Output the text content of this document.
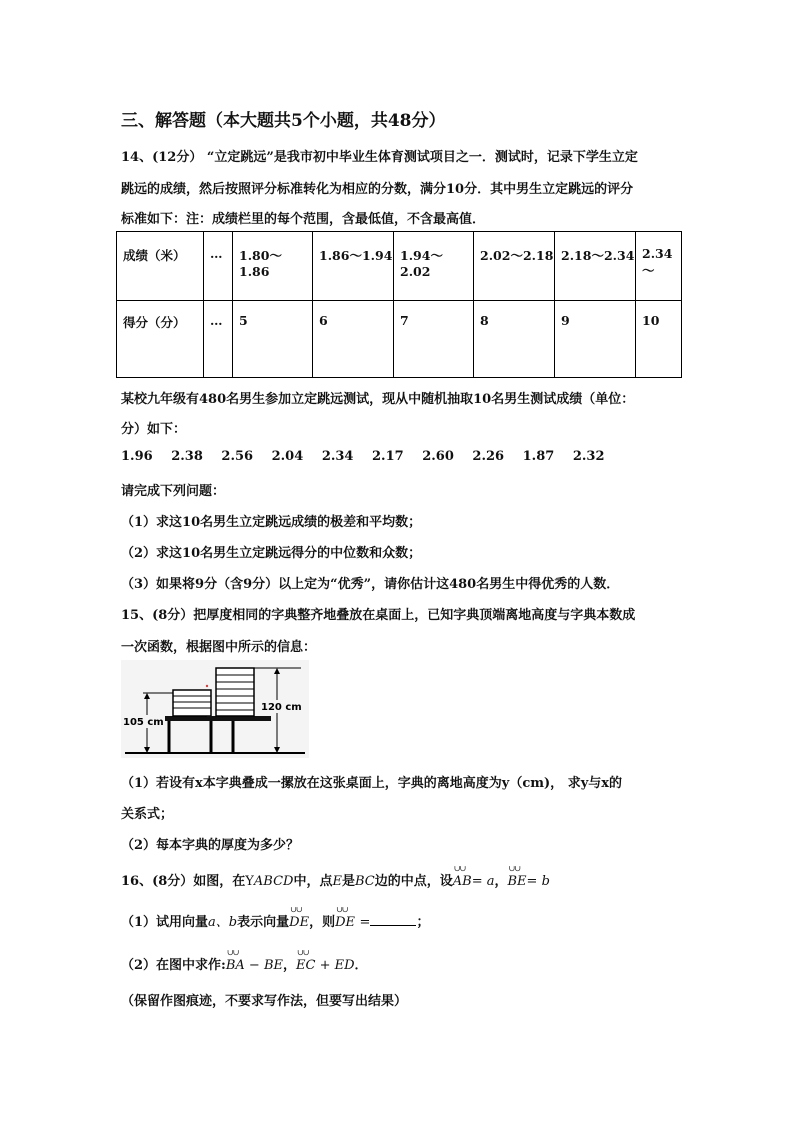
三、解答题（本大题共5个小题，共48分）
14、(12分） “立定跳远”是我市初中毕业生体育测试项目之一．测试时，记录下学生立定
跳远的成绩，然后按照评分标准转化为相应的分数，满分10分．其中男生立定跳远的评分
标准如下：注：成绩栏里的每个范围，含最低值，不含最高值．
成绩（米）	…	1.80～1.86	1.86～1.94	1.94～2.02	2.02～2.18	2.18～2.34	2.34～
得分（分）	…	5	6	7	8	9	10
某校九年级有480名男生参加立定跳远测试，现从中随机抽取10名男生测试成绩（单位：
分）如下：
1.96 2.38 2.56 2.04 2.34 2.17 2.60 2.26 1.87 2.32
请完成下列问题：
（1）求这10名男生立定跳远成绩的极差和平均数；
（2）求这10名男生立定跳远得分的中位数和众数；
（3）如果将9分（含9分）以上定为“优秀”，请你估计这480名男生中得优秀的人数．
15、(8分）把厚度相同的字典整齐地叠放在桌面上，已知字典顶端离地高度与字典本数成
一次函数，根据图中所示的信息：
105 cm
120 cm
（1）若设有x本字典叠成一摞放在这张桌面上，字典的离地高度为y（cm)， 求y与x的
关系式；
（2）每本字典的厚度为多少？
16、(8分）如图，在YABCD中，点E是BC边的中点，设∪∪ AB= a，∪∪ BE= b
（1）试用向量a、b表示向量∪∪ DE，则∪∪ DE =	；
（2）在图中求作:∪∪ BA − BE，∪∪ EC + ED．
（保留作图痕迹，不要求写作法，但要写出结果）
